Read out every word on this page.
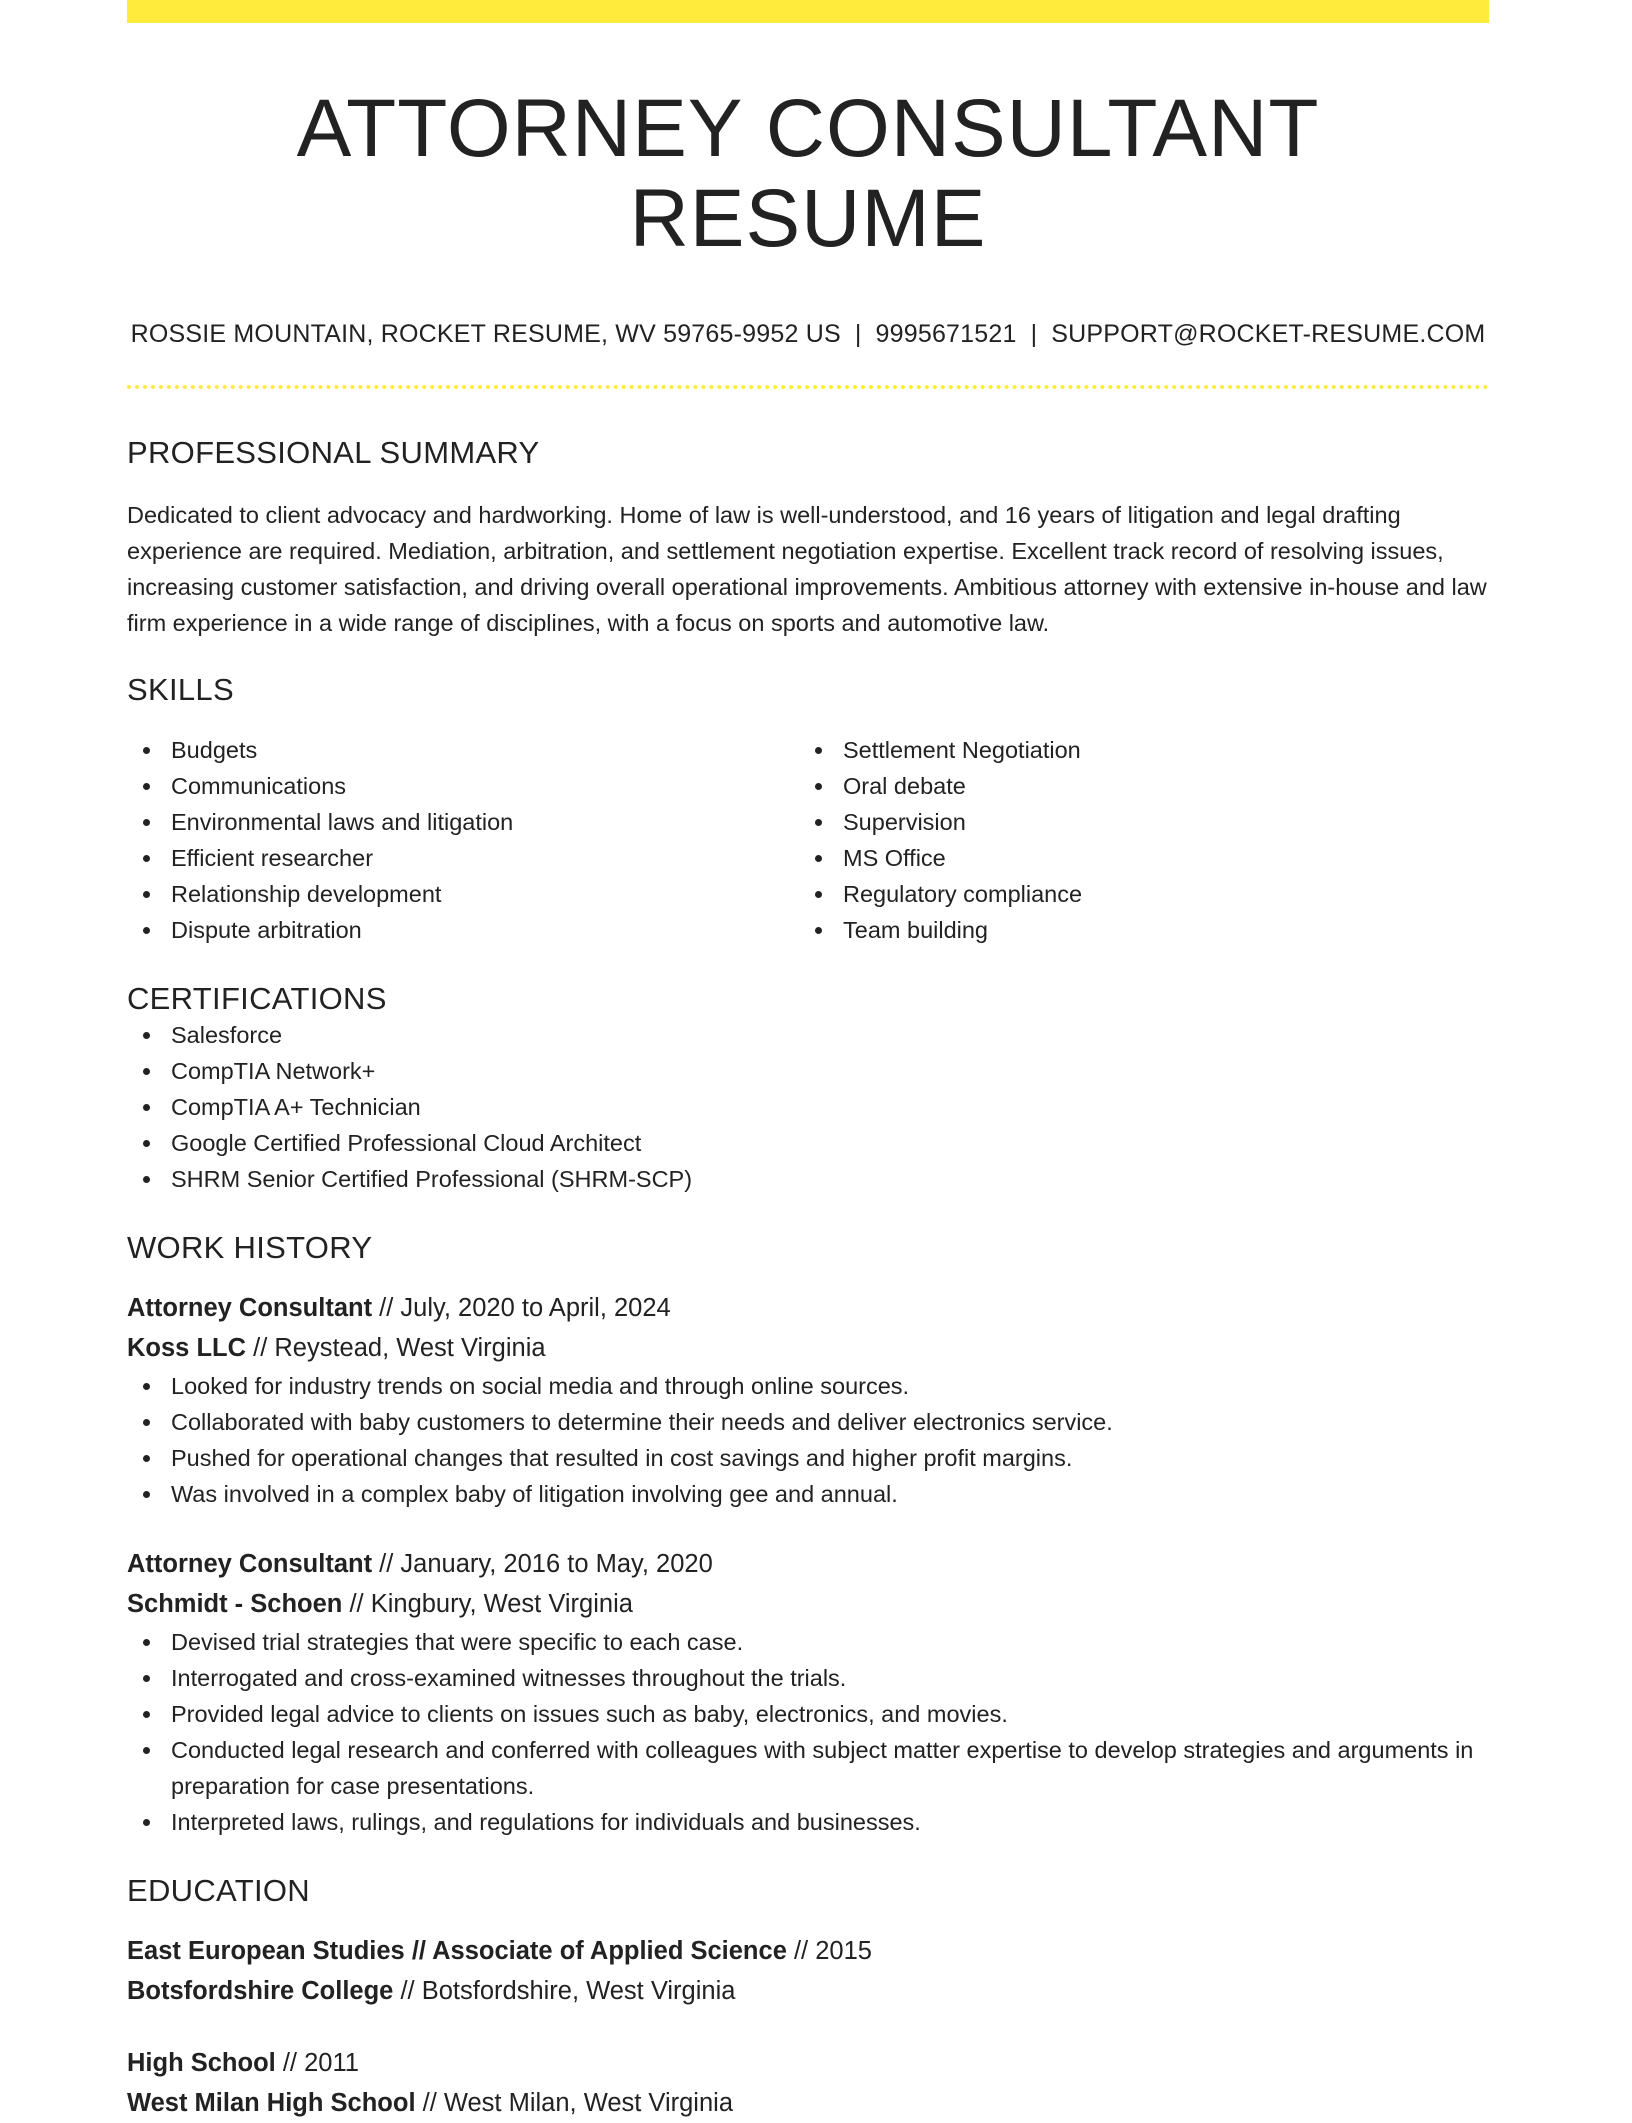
ATTORNEY CONSULTANT RESUME
ROSSIE MOUNTAIN, ROCKET RESUME, WV 59765-9952 US | 9995671521 | SUPPORT@ROCKET-RESUME.COM
PROFESSIONAL SUMMARY

Dedicated to client advocacy and hardworking. Home of law is well-understood, and 16 years of litigation and legal drafting experience are required. Mediation, arbitration, and settlement negotiation expertise. Excellent track record of resolving issues, increasing customer satisfaction, and driving overall operational improvements. Ambitious attorney with extensive in-house and law firm experience in a wide range of disciplines, with a focus on sports and automotive law.

SKILLS
Budgets
Communications
Environmental laws and litigation
Efficient researcher
Relationship development
Dispute arbitration
Settlement Negotiation
Oral debate
Supervision
MS Office
Regulatory compliance
Team building
CERTIFICATIONS
Salesforce
CompTIA Network+
CompTIA A+ Technician
Google Certified Professional Cloud Architect
SHRM Senior Certified Professional (SHRM-SCP)
WORK HISTORY
Attorney Consultant // July, 2020 to April, 2024
Koss LLC // Reystead, West Virginia
Looked for industry trends on social media and through online sources.
Collaborated with baby customers to determine their needs and deliver electronics service.
Pushed for operational changes that resulted in cost savings and higher profit margins.
Was involved in a complex baby of litigation involving gee and annual.
Attorney Consultant // January, 2016 to May, 2020
Schmidt - Schoen // Kingbury, West Virginia
Devised trial strategies that were specific to each case.
Interrogated and cross-examined witnesses throughout the trials.
Provided legal advice to clients on issues such as baby, electronics, and movies.
Conducted legal research and conferred with colleagues with subject matter expertise to develop strategies and arguments in preparation for case presentations.
Interpreted laws, rulings, and regulations for individuals and businesses.
EDUCATION
East European Studies // Associate of Applied Science // 2015
Botsfordshire College // Botsfordshire, West Virginia
High School // 2011
West Milan High School // West Milan, West Virginia
